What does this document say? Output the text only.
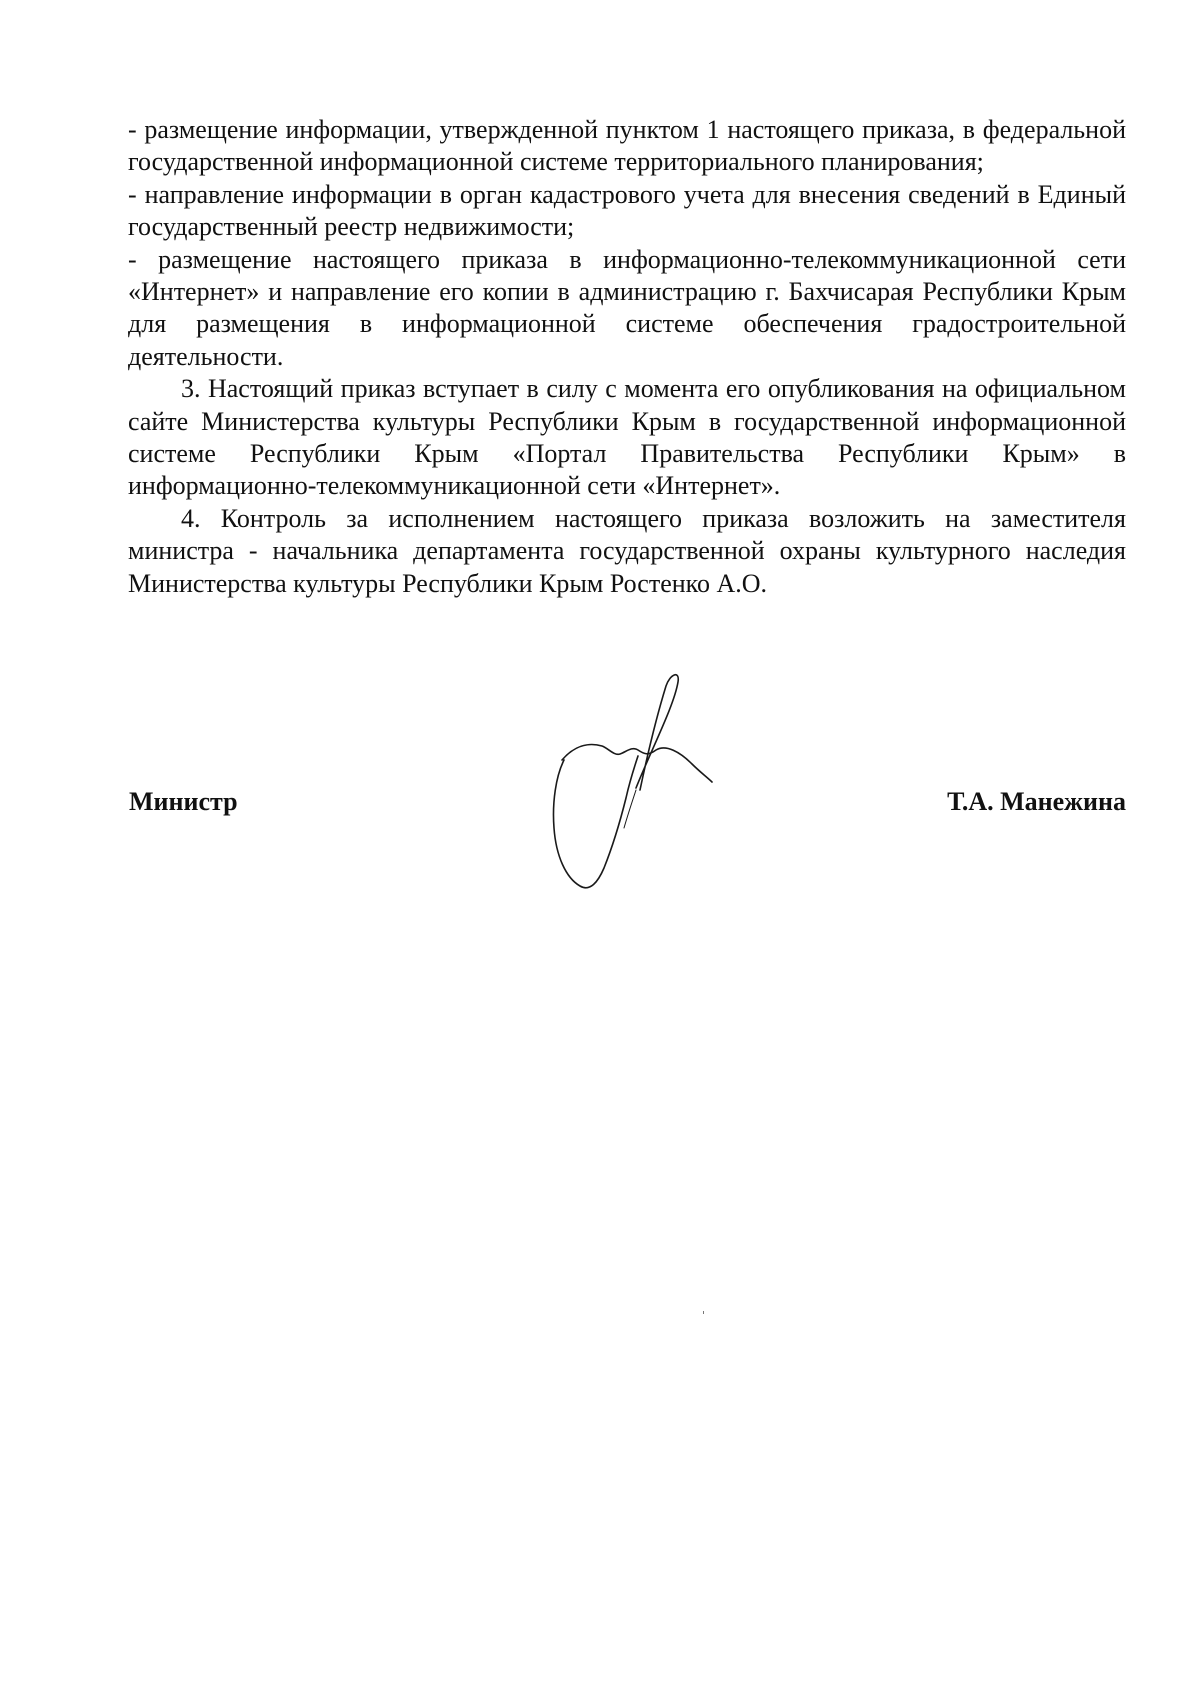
- размещение информации, утвержденной пунктом 1 настоящего приказа, в федеральной государственной информационной системе территориального планирования;

- направление информации в орган кадастрового учета для внесения сведений в Единый государственный реестр недвижимости;

- размещение настоящего приказа в информационно-телекоммуникационной сети «Интернет» и направление его копии в администрацию г. Бахчисарая Республики Крым для размещения в информационной системе обеспечения градостроительной деятельности.

3. Настоящий приказ вступает в силу с момента его опубликования на официальном сайте Министерства культуры Республики Крым в государственной информационной системе Республики Крым «Портал Правительства Республики Крым» в информационно-телекоммуникационной сети «Интернет».

4. Контроль за исполнением настоящего приказа возложить на заместителя министра - начальника департамента государственной охраны культурного наследия Министерства культуры Республики Крым Ростенко А.О.

Министр	Т.А. Манежина
